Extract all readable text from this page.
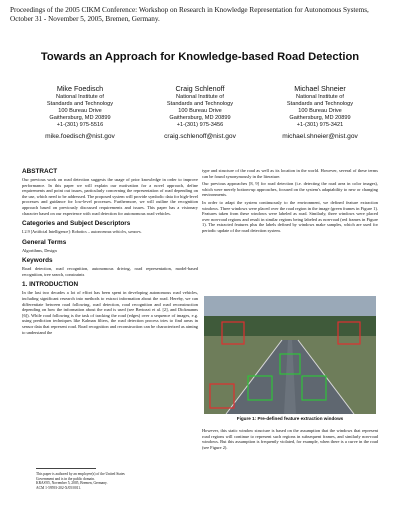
Proceedings of the 2005 CIKM Conference: Workshop on Research in Knowledge Representation for Autonomous Systems, October 31 - November 5, 2005, Bremen, Germany.
Towards an Approach for Knowledge-based Road Detection
Mike Foedisch
National Institute of
Standards and Technology
100 Bureau Drive
Gaithersburg, MD 20899
+1-(301) 975-5516
mike.foedisch@nist.gov
Craig Schlenoff
National Institute of
Standards and Technology
100 Bureau Drive
Gaithersburg, MD 20899
+1-(301) 975-3456
craig.schlenoff@nist.gov
Michael Shneier
National Institute of
Standards and Technology
100 Bureau Drive
Gaithersburg, MD 20899
+1-(301) 975-3421
michael.shneier@nist.gov
ABSTRACT
Our previous work on road detection suggests the usage of prior knowledge in order to improve performance. In this paper we will explain our motivation for a novel approach, define requirements and point out issues, particularly concerning the representation of road depending on the use, which need to be addressed. The proposed system will provide symbolic data for high-level processes and guidance for low-level processes. Furthermore, we will outline the recognition approach based on previously discussed requirements and issues. This paper has a visionary character based on our experience with road detection for autonomous road vehicles.
Categories and Subject Descriptors
I.2.9 [Artificial Intelligence]: Robotics – autonomous vehicles, sensors.
General Terms
Algorithms, Design
Keywords
Road detection, road recognition, autonomous driving, road representation, model-based recognition, tree search, constraints
1. INTRODUCTION
In the last two decades a lot of effort has been spent in developing autonomous road vehicles, including significant research into methods to extract information about the road. Hereby, we can differentiate between road following, road detection, road recognition and road reconstruction depending on how the information about the road is used (see Bertozzi et al. [2], and Dickmanns [6]). While road following is the task of tracking the road (edges) over a sequence of images, e.g. using prediction techniques like Kalman filters, the road detection process tries to find areas in sensor data that represent road. Road recognition and reconstruction can be characterized as aiming to understand the
This paper is authored by an employee(s) of the United States
Government and is in the public domain.
KRAS'05, November 5, 2005, Bremen, Germany.
ACM 1-59593-202-X/05/0011.
type and structure of the road as well as its location in the world. However, several of these terms can be found synonymously in the literature.
Our previous approaches [8, 9] for road detection (i.e. detecting the road area in color images), which were merely bottom-up approaches, focused on the system's adaptability to new or changing environments.
In order to adapt the system continuously to the environment, we defined feature extraction windows. Three windows were placed over the road region in the image (green frames in Figure 1). Features taken from these windows were labeled as road. Similarly, three windows were placed over non-road regions and result in similar regions being labeled as non-road (red frames in Figure 1). The extracted features plus the labels defined by windows make samples, which are used for periodic update of the road detection system.
Figure 1: Pre-defined feature extraction windows
However, this static window structure is based on the assumption that the windows that represent road regions will continue to represent such regions in subsequent frames, and similarly non-road windows. But this assumption is frequently violated, for example, when there is a curve in the road (see Figure 2).
